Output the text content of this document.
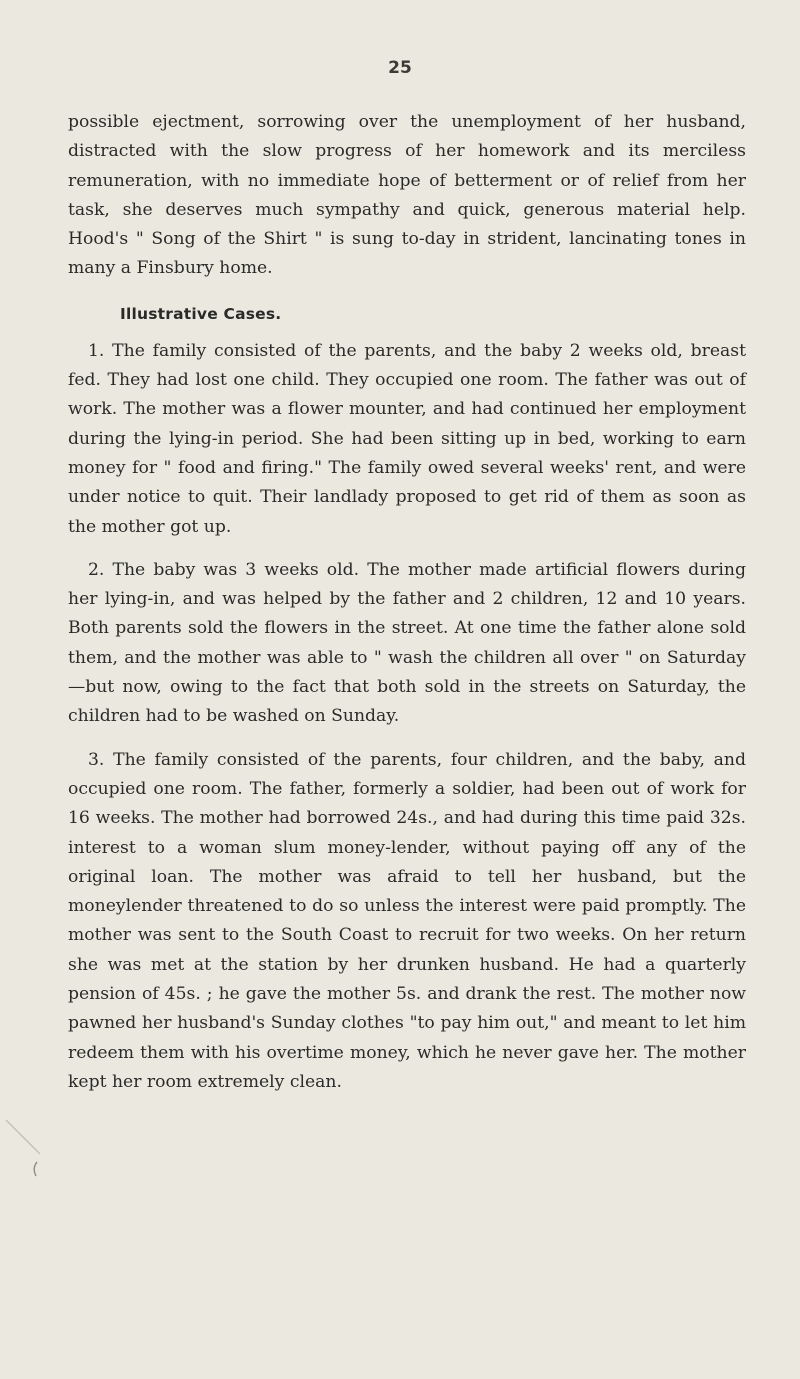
25

possible ejectment, sorrowing over the unemployment of her husband, distracted with the slow progress of her homework and its merciless remuneration, with no immediate hope of betterment or of relief from her task, she deserves much sympathy and quick, generous material help. Hood's " Song of the Shirt " is sung to-day in strident, lancinating tones in many a Finsbury home.

Illustrative Cases.

1. The family consisted of the parents, and the baby 2 weeks old, breast fed. They had lost one child. They occupied one room. The father was out of work. The mother was a flower mounter, and had continued her employment during the lying-in period. She had been sitting up in bed, working to earn money for " food and firing." The family owed several weeks' rent, and were under notice to quit. Their landlady proposed to get rid of them as soon as the mother got up.

2. The baby was 3 weeks old. The mother made artificial flowers during her lying-in, and was helped by the father and 2 children, 12 and 10 years. Both parents sold the flowers in the street. At one time the father alone sold them, and the mother was able to " wash the children all over " on Saturday—but now, owing to the fact that both sold in the streets on Saturday, the children had to be washed on Sunday.

3. The family consisted of the parents, four children, and the baby, and occupied one room. The father, formerly a soldier, had been out of work for 16 weeks. The mother had borrowed 24s., and had during this time paid 32s. interest to a woman slum money-lender, without paying off any of the original loan. The mother was afraid to tell her husband, but the moneylender threatened to do so unless the interest were paid promptly. The mother was sent to the South Coast to recruit for two weeks. On her return she was met at the station by her drunken husband. He had a quarterly pension of 45s. ; he gave the mother 5s. and drank the rest. The mother now pawned her husband's Sunday clothes "to pay him out," and meant to let him redeem them with his overtime money, which he never gave her. The mother kept her room extremely clean.
